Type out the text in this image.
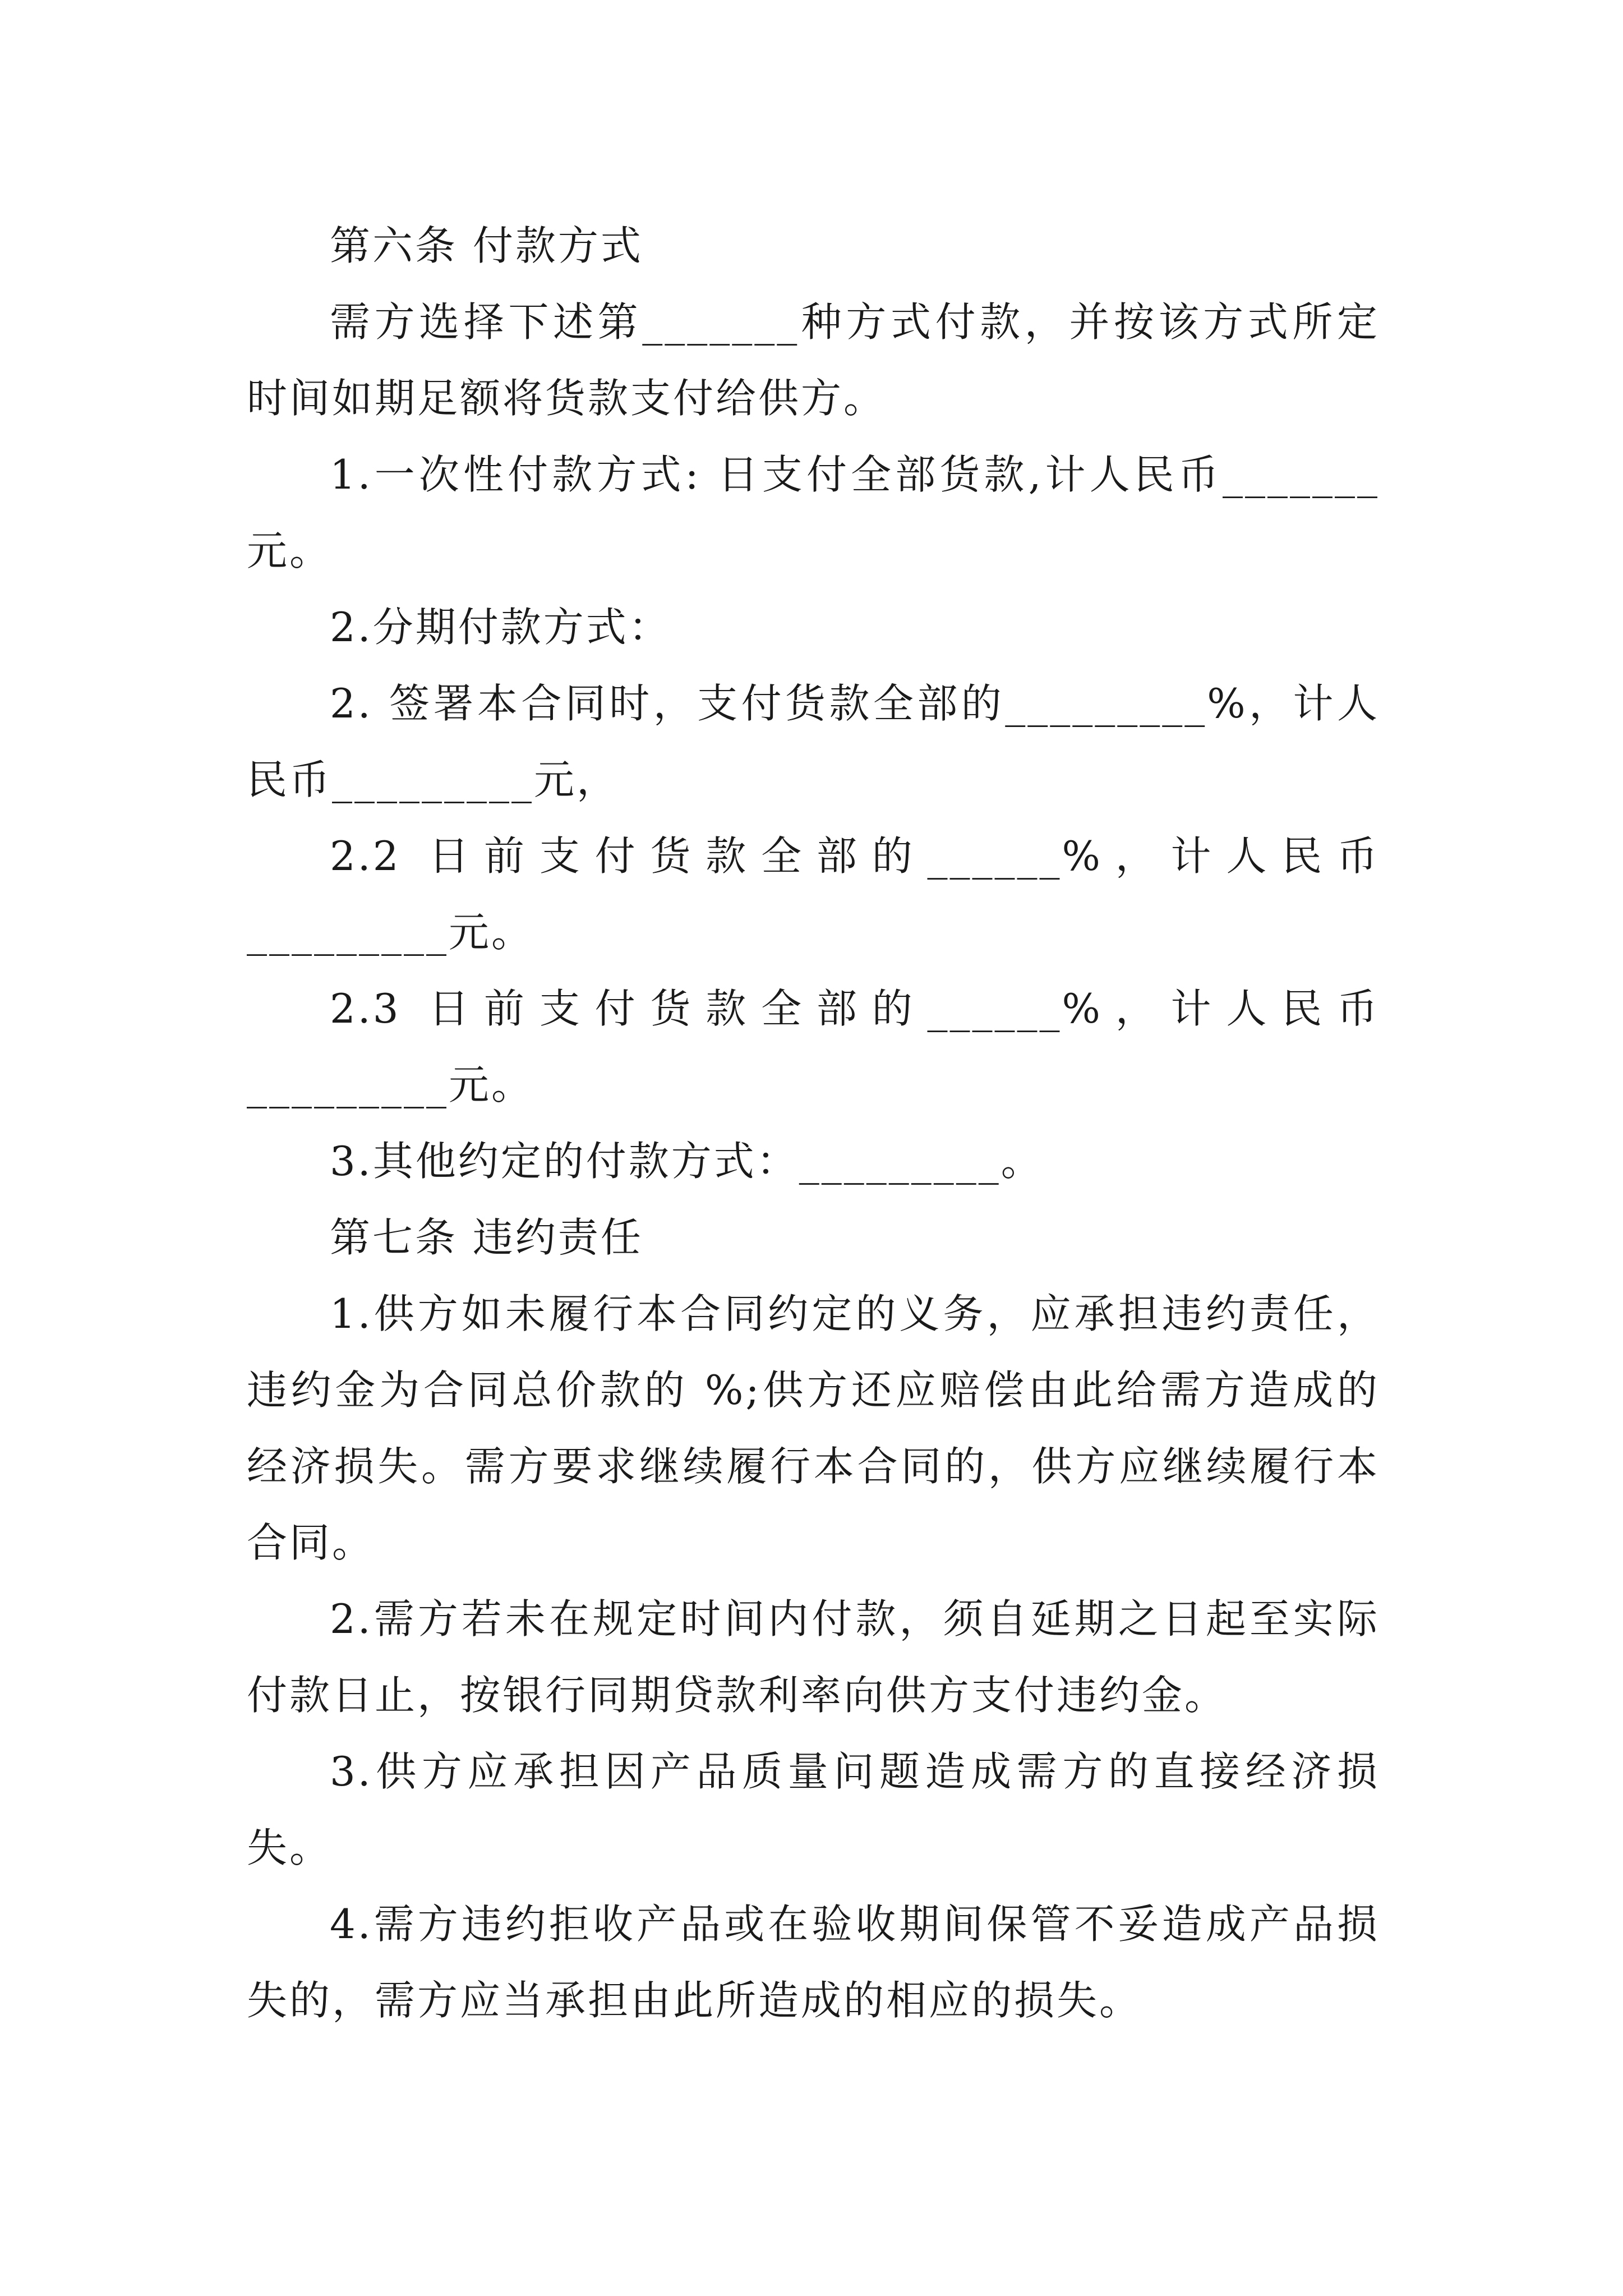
第六条 付款方式

需方选择下述第_______种方式付款，并按该方式所定时间如期足额将货款支付给供方。

1.一次性付款方式: 日支付全部货款,计人民币_______元。

2.分期付款方式：

2. 签署本合同时，支付货款全部的_________%，计人民币_________元，

2.2 日前支付货款全部的______%，计人民币_________元。

2.3 日前支付货款全部的______%，计人民币_________元。

3.其他约定的付款方式：_________。

第七条 违约责任

1.供方如未履行本合同约定的义务，应承担违约责任，违约金为合同总价款的 %;供方还应赔偿由此给需方造成的经济损失。需方要求继续履行本合同的，供方应继续履行本合同。

2.需方若未在规定时间内付款，须自延期之日起至实际付款日止，按银行同期贷款利率向供方支付违约金。

3.供方应承担因产品质量问题造成需方的直接经济损失。

4.需方违约拒收产品或在验收期间保管不妥造成产品损失的，需方应当承担由此所造成的相应的损失。
